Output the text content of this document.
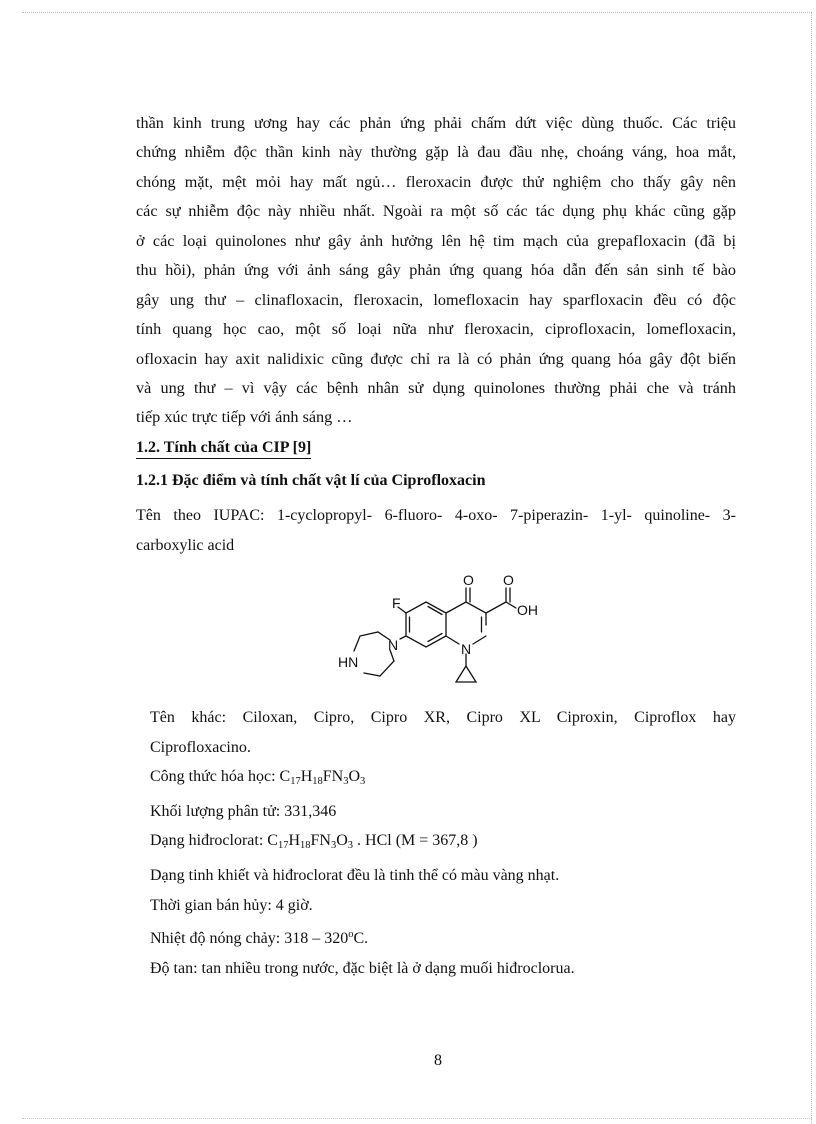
thần kinh trung ương hay các phản ứng phải chấm dứt việc dùng thuốc. Các triệu
chứng nhiễm độc thần kinh này thường gặp là đau đầu nhẹ, choáng váng, hoa mắt,
chóng mặt, mệt mỏi hay mất ngủ… fleroxacin được thử nghiệm cho thấy gây nên
các sự nhiễm độc này nhiều nhất. Ngoài ra một số các tác dụng phụ khác cũng gặp
ở các loại quinolones như gây ảnh hưởng lên hệ tim mạch của grepafloxacin (đã bị
thu hồi), phản ứng với ảnh sáng gây phản ứng quang hóa dẫn đến sản sinh tế bào
gây ung thư – clinafloxacin, fleroxacin, lomefloxacin hay sparfloxacin đều có độc
tính quang học cao, một số loại nữa như fleroxacin, ciprofloxacin, lomefloxacin,
ofloxacin hay axit nalidixic cũng được chỉ ra là có phản ứng quang hóa gây đột biến
và ung thư – vì vậy các bệnh nhân sử dụng quinolones thường phải che và tránh
tiếp xúc trực tiếp với ánh sáng …
1.2. Tính chất của CIP [9]
1.2.1 Đặc điểm và tính chất vật lí của Ciprofloxacin
Tên theo IUPAC: 1-cyclopropyl- 6-fluoro- 4-oxo- 7-piperazin- 1-yl- quinoline- 3-
carboxylic acid
F
O O
OH
N
N
HN
Tên khác: Ciloxan, Cipro, Cipro XR, Cipro XL Ciproxin, Ciproflox hay
Ciprofloxacino.
Công thức hóa học: $C_{17}H_{18}FN_3O_3$
Khối lượng phân tử: 331,346
Dạng hiđroclorat: $C_{17}H_{18}FN_3O_3$ . HCl (M = 367,8 )
Dạng tinh khiết và hiđroclorat đều là tinh thể có màu vàng nhạt.
Thời gian bán hủy: 4 giờ.
Nhiệt độ nóng chảy: 318 – 320$^o$C.
Độ tan: tan nhiều trong nước, đặc biệt là ở dạng muối hiđroclorua.
8
